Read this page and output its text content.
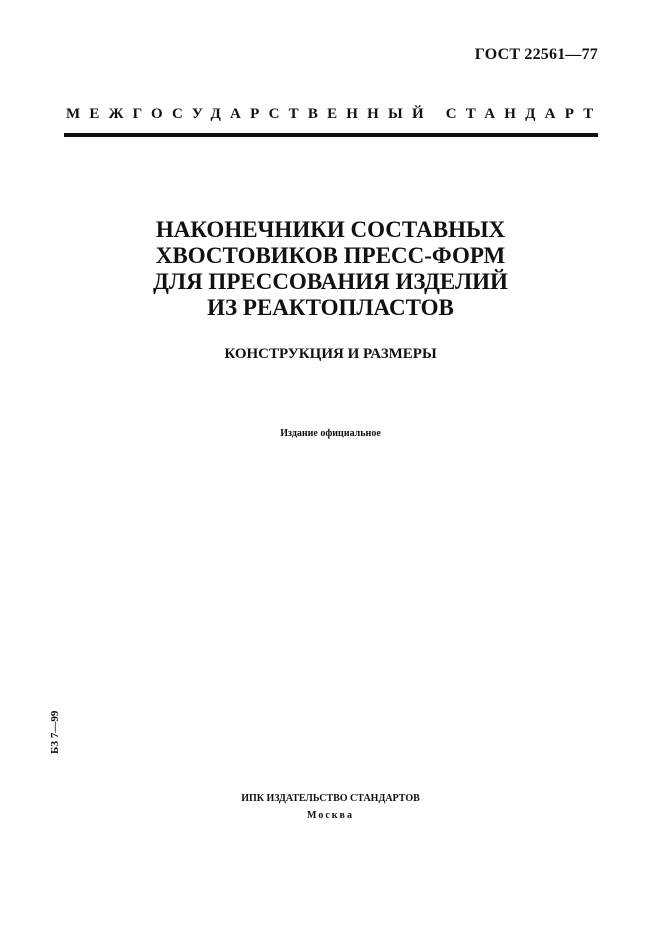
ГОСТ 22561—77
МЕЖГОСУДАРСТВЕННЫЙ СТАНДАРТ
НАКОНЕЧНИКИ СОСТАВНЫХ
ХВОСТОВИКОВ ПРЕСС-ФОРМ
ДЛЯ ПРЕССОВАНИЯ ИЗДЕЛИЙ
ИЗ РЕАКТОПЛАСТОВ
КОНСТРУКЦИЯ И РАЗМЕРЫ
Издание официальное
БЗ 7—99
ИПК ИЗДАТЕЛЬСТВО СТАНДАРТОВ
Москва
